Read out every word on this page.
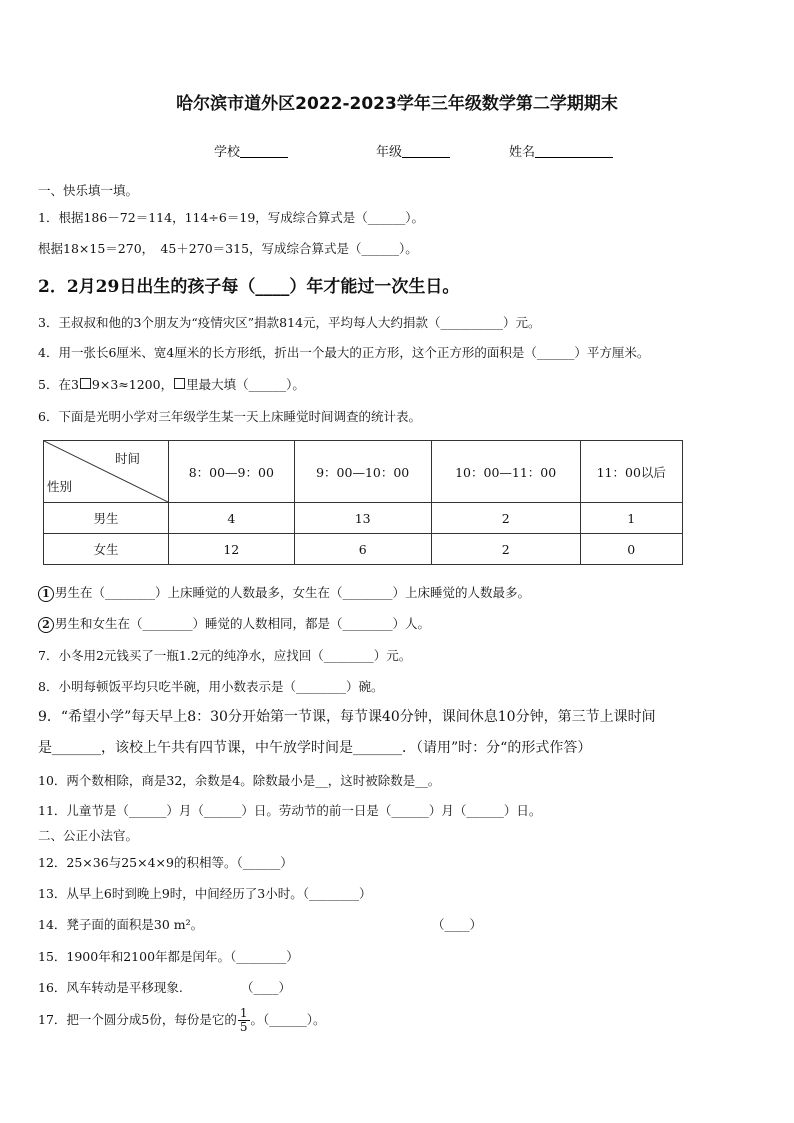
哈尔滨市道外区2022-2023学年三年级数学第二学期期末
学校	年级	姓名
一、快乐填一填。
1．根据186－72＝114，114÷6＝19，写成综合算式是（______）。
根据18×15＝270，　45＋270＝315，写成综合算式是（______）。
2．2月29日出生的孩子每（____）年才能过一次生日。
3．王叔叔和他的3个朋友为“疫情灾区”捐款814元，平均每人大约捐款（__________）元。
4．用一张长6厘米、宽4厘米的长方形纸，折出一个最大的正方形，这个正方形的面积是（______）平方厘米。
5．在3 9×3≈1200， 里最大填（______）。
6．下面是光明小学对三年级学生某一天上床睡觉时间调查的统计表。
时间
性别	8：00—9：00	9：00—10：00	10：00—11：00	11：00以后
男生	4	13	2	1
女生	12	6	2	0
1 男生在（________）上床睡觉的人数最多，女生在（________）上床睡觉的人数最多。
2 男生和女生在（________）睡觉的人数相同，都是（________）人。
7．小冬用2元钱买了一瓶1.2元的纯净水，应找回（________）元。
8．小明每顿饭平均只吃半碗，用小数表示是（________）碗。
9．“希望小学”每天早上8：30分开始第一节课，每节课40分钟，课间休息10分钟，第三节上课时间
是_______，该校上午共有四节课，中午放学时间是_______．（请用”时：分“的形式作答）
10．两个数相除，商是32，余数是4。除数最小是__，这时被除数是__。
11．儿童节是（______）月（______）日。劳动节的前一日是（______）月（______）日。
二、公正小法官。
12．25×36与25×4×9的积相等。（______）
13．从早上6时到晚上9时，中间经历了3小时。（________）
14．凳子面的面积是30 m²。	（____）
15．1900年和2100年都是闰年。（________）
16．风车转动是平移现象.	（____）
17．把一个圆分成5份，每份是它的 $\frac{1}{5}$ 。（______）。
